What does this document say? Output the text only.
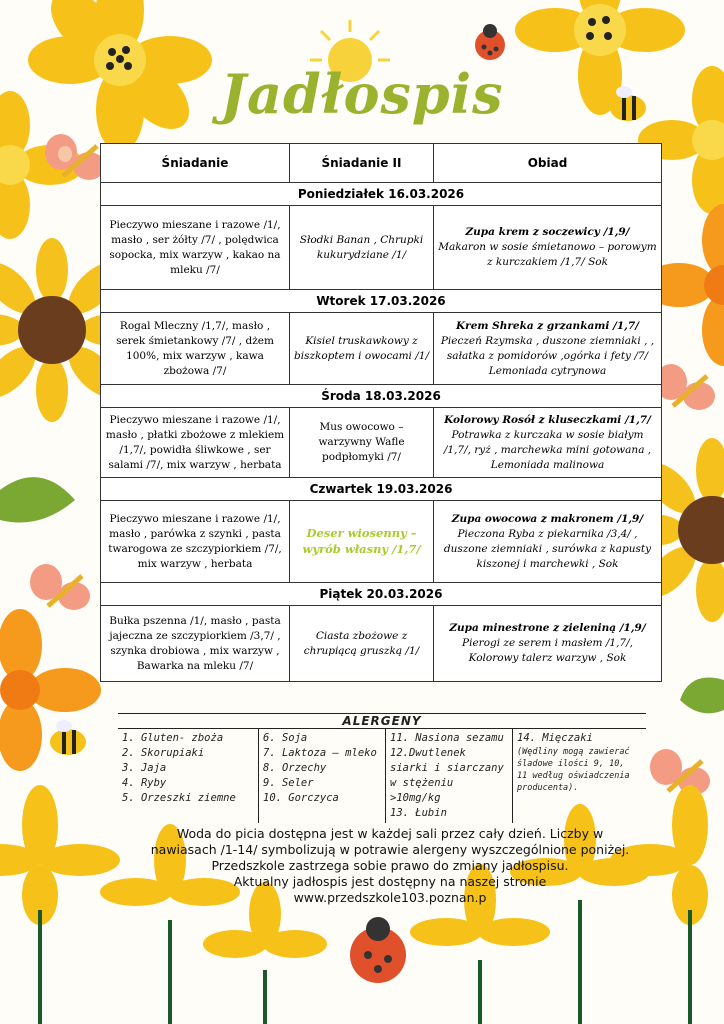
Jadłospis
Śniadanie	Śniadanie II	Obiad
Poniedziałek 16.03.2026		
Pieczywo mieszane i razowe /1/, masło , ser żółty /7/ , polędwica sopocka, mix warzyw , kakao na mleku /7/	Słodki Banan , Chrupki kukurydziane /1/	Zupa krem z soczewicy /1,9/
Makaron w sosie śmietanowo – porowym z kurczakiem /1,7/ Sok
Wtorek 17.03.2026		
Rogal Mleczny /1,7/, masło , serek śmietankowy /7/ , dżem 100%, mix warzyw , kawa zbożowa /7/	Kisiel truskawkowy z biszkoptem i owocami /1/	Krem Shreka z grzankami /1,7/
Pieczeń Rzymska , duszone ziemniaki , , sałatka z pomidorów ,ogórka i fety /7/ Lemoniada cytrynowa
Środa 18.03.2026		
Pieczywo mieszane i razowe /1/, masło , płatki zbożowe z mlekiem /1,7/, powidła śliwkowe , ser salami /7/, mix warzyw , herbata	Mus owocowo – warzywny Wafle podpłomyki /7/	Kolorowy Rosół z kluseczkami /1,7/
Potrawka z kurczaka w sosie białym /1,7/, ryż , marchewka mini gotowana , Lemoniada malinowa
Czwartek 19.03.2026		
Pieczywo mieszane i razowe /1/, masło , parówka z szynki , pasta twarogowa ze szczypiorkiem /7/, mix warzyw , herbata	Deser wiosenny – wyrób własny /1,7/	Zupa owocowa z makronem /1,9/
Pieczona Ryba z piekarnika /3,4/ , duszone ziemniaki , surówka z kapusty kiszonej i marchewki , Sok
Piątek 20.03.2026		
Bułka pszenna /1/, masło , pasta jajeczna ze szczypiorkiem /3,7/ , szynka drobiowa , mix warzyw , Bawarka na mleku /7/	Ciasta zbożowe z chrupiącą gruszką /1/	Zupa minestrone z zieleniną /1,9/
Pierogi ze serem i masłem /1,7/, Kolorowy talerz warzyw , Sok
ALERGENY
1. Gluten- zboża
2. Skorupiaki
3. Jaja
4. Ryby
5. Orzeszki ziemne
6. Soja
7. Laktoza – mleko
8. Orzechy
9. Seler
10. Gorczyca
11. Nasiona sezamu
12.Dwutlenek siarki i siarczany w stężeniu >10mg/kg
13. Łubin
14. Mięczaki
(Wędliny mogą zawierać śladowe ilości 9, 10, 11 według oświadczenia producenta).
Woda do picia dostępna jest w każdej sali przez cały dzień. Liczby w
nawiasach /1-14/ symbolizują w potrawie alergeny wyszczególnione poniżej.
Przedszkole zastrzega sobie prawo do zmiany jadłospisu.
Aktualny jadłospis jest dostępny na naszej stronie
www.przedszkole103.poznan.p
